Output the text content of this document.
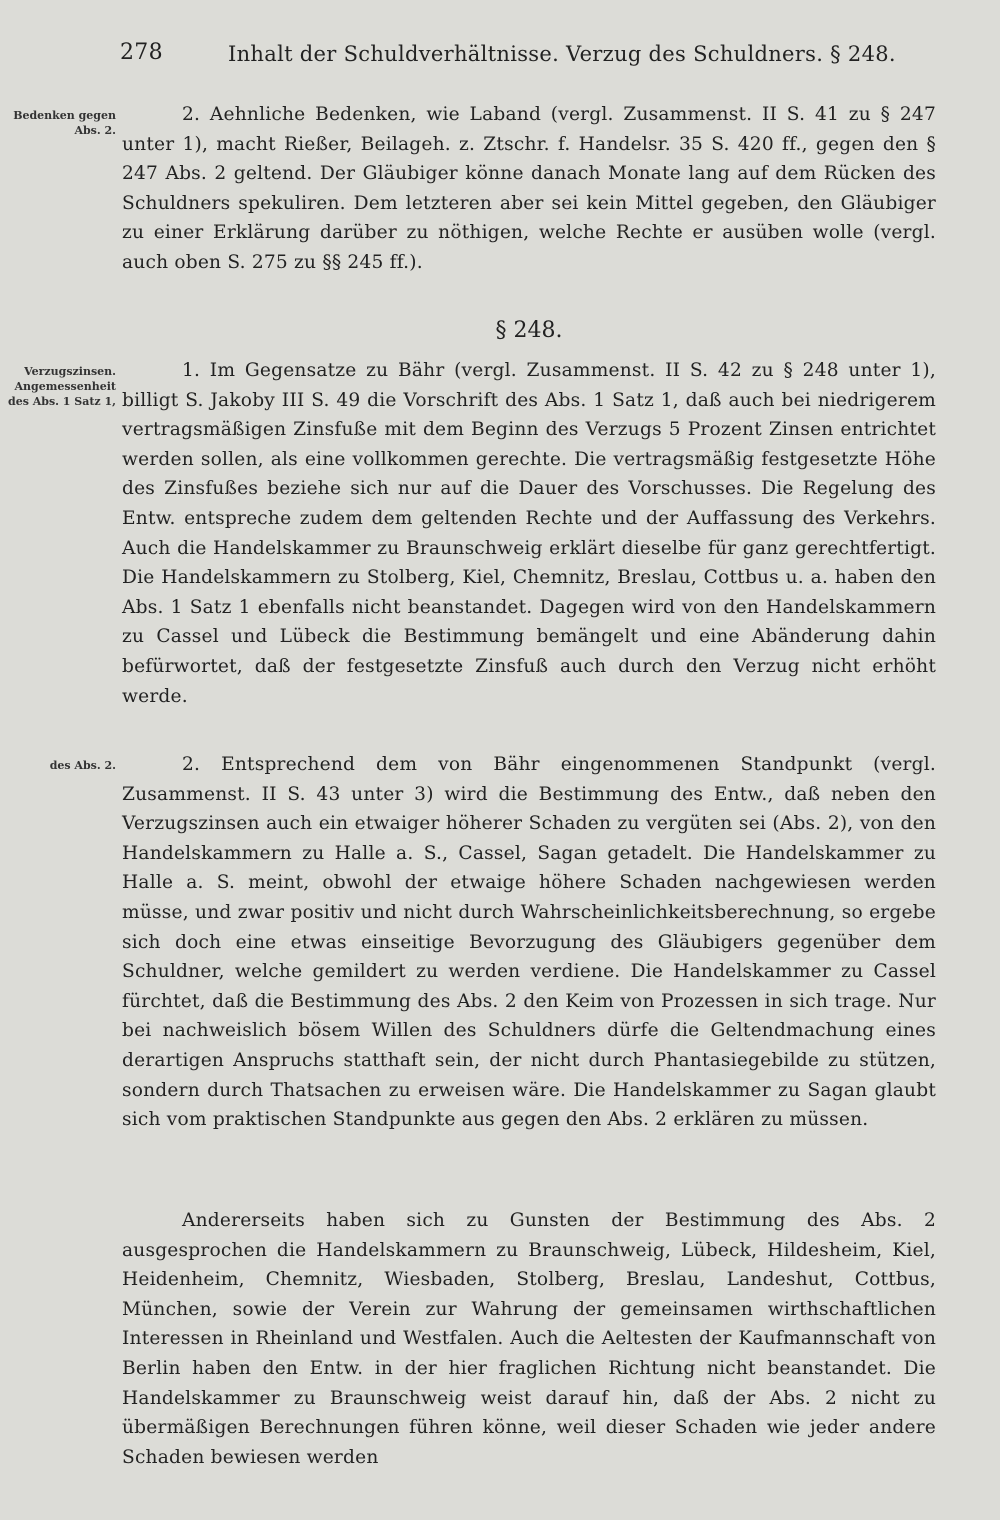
278	Inhalt der Schuldverhältnisse. Verzug des Schuldners. § 248.
Bedenken gegen Abs. 2.
Verzugszinsen. Angemessenheit des Abs. 1 Satz 1,
des Abs. 2.

2. Aehnliche Bedenken, wie Laband (vergl. Zusammenst. II S. 41 zu § 247 unter 1), macht Rießer, Beilageh. z. Ztschr. f. Handelsr. 35 S. 420 ff., gegen den § 247 Abs. 2 geltend. Der Gläubiger könne danach Monate lang auf dem Rücken des Schuldners spekuliren. Dem letzteren aber sei kein Mittel gegeben, den Gläubiger zu einer Erklärung darüber zu nöthigen, welche Rechte er ausüben wolle (vergl. auch oben S. 275 zu §§ 245 ff.).

§ 248.

1. Im Gegensatze zu Bähr (vergl. Zusammenst. II S. 42 zu § 248 unter 1), billigt S. Jakoby III S. 49 die Vorschrift des Abs. 1 Satz 1, daß auch bei niedrigerem vertragsmäßigen Zinsfuße mit dem Beginn des Verzugs 5 Prozent Zinsen entrichtet werden sollen, als eine vollkommen gerechte. Die vertragsmäßig festgesetzte Höhe des Zinsfußes beziehe sich nur auf die Dauer des Vorschusses. Die Regelung des Entw. entspreche zudem dem geltenden Rechte und der Auffassung des Verkehrs. Auch die Handelskammer zu Braunschweig erklärt dieselbe für ganz gerechtfertigt. Die Handelskammern zu Stolberg, Kiel, Chemnitz, Breslau, Cottbus u. a. haben den Abs. 1 Satz 1 ebenfalls nicht beanstandet. Dagegen wird von den Handelskammern zu Cassel und Lübeck die Bestimmung bemängelt und eine Abänderung dahin befürwortet, daß der festgesetzte Zinsfuß auch durch den Verzug nicht erhöht werde.

2. Entsprechend dem von Bähr eingenommenen Standpunkt (vergl. Zusammenst. II S. 43 unter 3) wird die Bestimmung des Entw., daß neben den Verzugszinsen auch ein etwaiger höherer Schaden zu vergüten sei (Abs. 2), von den Handelskammern zu Halle a. S., Cassel, Sagan getadelt. Die Handelskammer zu Halle a. S. meint, obwohl der etwaige höhere Schaden nachgewiesen werden müsse, und zwar positiv und nicht durch Wahrscheinlichkeitsberechnung, so ergebe sich doch eine etwas einseitige Bevorzugung des Gläubigers gegenüber dem Schuldner, welche gemildert zu werden verdiene. Die Handelskammer zu Cassel fürchtet, daß die Bestimmung des Abs. 2 den Keim von Prozessen in sich trage. Nur bei nachweislich bösem Willen des Schuldners dürfe die Geltendmachung eines derartigen Anspruchs statthaft sein, der nicht durch Phantasiegebilde zu stützen, sondern durch Thatsachen zu erweisen wäre. Die Handelskammer zu Sagan glaubt sich vom praktischen Standpunkte aus gegen den Abs. 2 erklären zu müssen.

Andererseits haben sich zu Gunsten der Bestimmung des Abs. 2 ausgesprochen die Handelskammern zu Braunschweig, Lübeck, Hildesheim, Kiel, Heidenheim, Chemnitz, Wiesbaden, Stolberg, Breslau, Landeshut, Cottbus, München, sowie der Verein zur Wahrung der gemeinsamen wirthschaftlichen Interessen in Rheinland und Westfalen. Auch die Aeltesten der Kaufmannschaft von Berlin haben den Entw. in der hier fraglichen Richtung nicht beanstandet. Die Handelskammer zu Braunschweig weist darauf hin, daß der Abs. 2 nicht zu übermäßigen Berechnungen führen könne, weil dieser Schaden wie jeder andere Schaden bewiesen werden
